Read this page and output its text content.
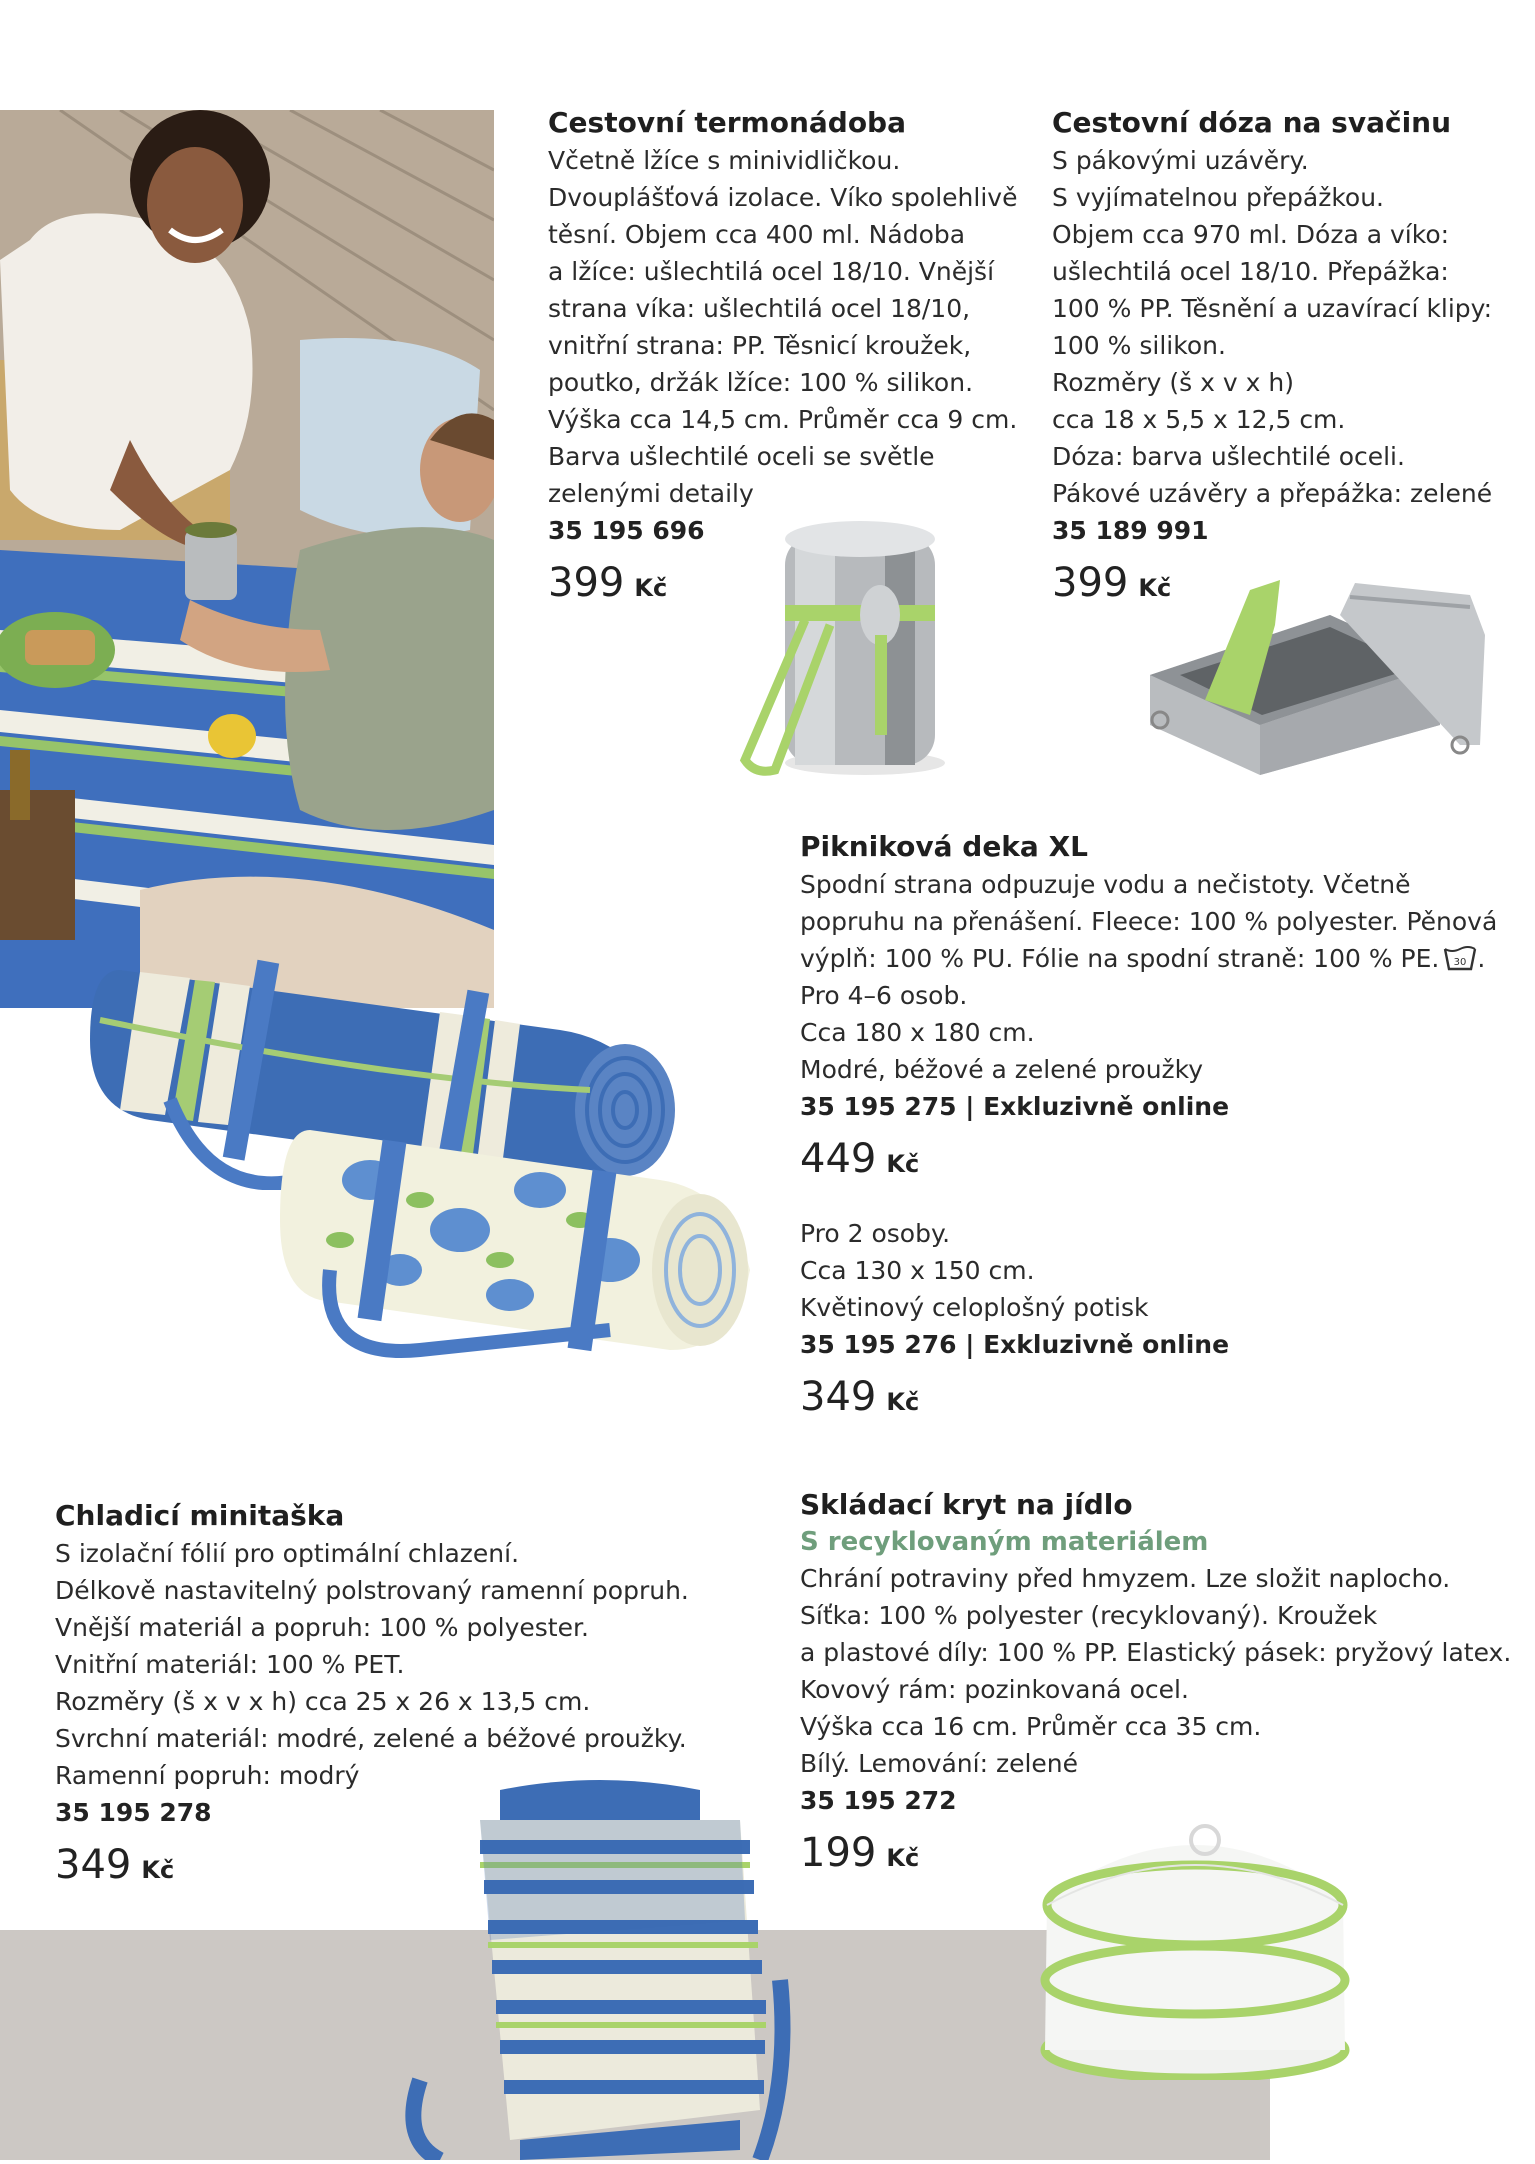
Cestovní termonádoba
Včetně lžíce s minividličkou.
Dvouplášťová izolace. Víko spolehlivě
těsní. Objem cca 400 ml. Nádoba
a lžíce: ušlechtilá ocel 18/10. Vnější
strana víka: ušlechtilá ocel 18/10,
vnitřní strana: PP. Těsnicí kroužek,
poutko, držák lžíce: 100 % silikon.
Výška cca 14,5 cm. Průměr cca 9 cm.
Barva ušlechtilé oceli se světle
zelenými detaily
35 195 696
399 Kč
Cestovní dóza na svačinu
S pákovými uzávěry.
S vyjímatelnou přepážkou.
Objem cca 970 ml. Dóza a víko:
ušlechtilá ocel 18/10. Přepážka:
100 % PP. Těsnění a uzavírací klipy:
100 % silikon.
Rozměry (š x v x h)
cca 18 x 5,5 x 12,5 cm.
Dóza: barva ušlechtilé oceli.
Pákové uzávěry a přepážka: zelené
35 189 991
399 Kč
Piknikov​á deka XL
Spodní strana odpuzuje vodu a nečistoty. Včetně
popruhu na přenášení. Fleece: 100 % polyester. Pěnová
výplň: 100 % PU. Fólie na spodní straně: 100 % PE. 30 .
Pro 4–6 osob.
Cca 180 x 180 cm.
Modré, béžové a zelené proužky
35 195 275 | Exkluzivně online
449 Kč
Pro 2 osoby.
Cca 130 x 150 cm.
Květinový celoplošný potisk
35 195 276 | Exkluzivně online
349 Kč
Chladicí minitaška
S izolační fólií pro optimální chlazení.
Délkově nastavitelný polstrovaný ramenní popruh.
Vnější materiál a popruh: 100 % polyester.
Vnitřní materiál: 100 % PET.
Rozměry (š x v x h) cca 25 x 26 x 13,5 cm.
Svrchní materiál: modré, zelené a béžové proužky.
Ramenní popruh: modrý
35 195 278
349 Kč
Skládací kryt na jídlo
S recyklovaným materiálem
Chrání potraviny před hmyzem. Lze složit naplocho.
Síťka: 100 % polyester (recyklovaný). Kroužek
a plastové díly: 100 % PP. Elastický pásek: pryžový latex.
Kovový rám: pozinkovaná ocel.
Výška cca 16 cm. Průměr cca 35 cm.
Bílý. Lemování: zelené
35 195 272
199 Kč
